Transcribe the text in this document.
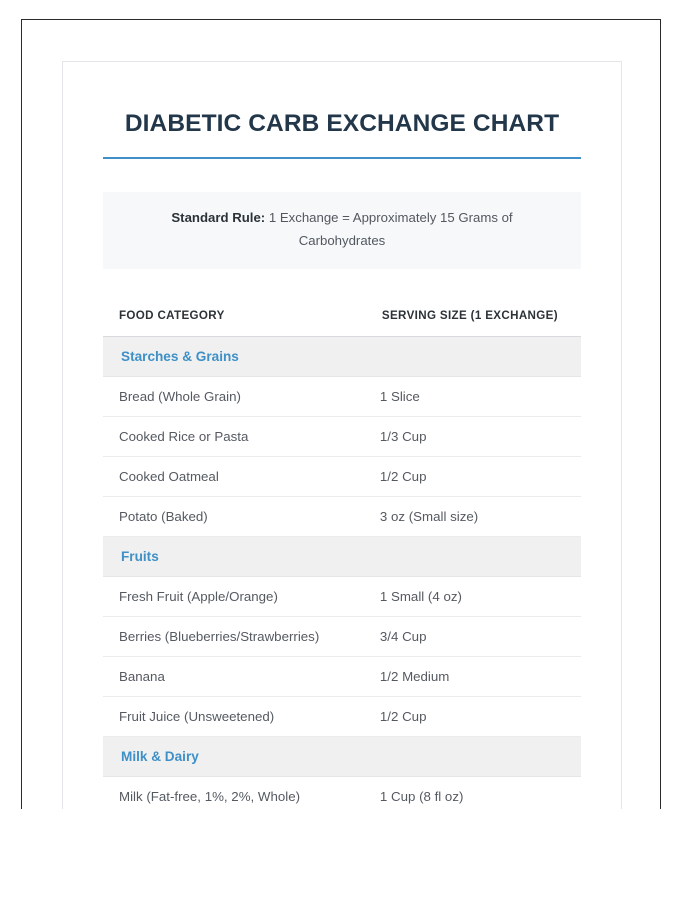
DIABETIC CARB EXCHANGE CHART
Standard Rule: 1 Exchange = Approximately 15 Grams of Carbohydrates
FOOD CATEGORY	SERVING SIZE (1 EXCHANGE)
Starches & Grains	
Bread (Whole Grain)	1 Slice
Cooked Rice or Pasta	1/3 Cup
Cooked Oatmeal	1/2 Cup
Potato (Baked)	3 oz (Small size)
Fruits	
Fresh Fruit (Apple/Orange)	1 Small (4 oz)
Berries (Blueberries/Strawberries)	3/4 Cup
Banana	1/2 Medium
Fruit Juice (Unsweetened)	1/2 Cup
Milk & Dairy	
Milk (Fat-free, 1%, 2%, Whole)	1 Cup (8 fl oz)
